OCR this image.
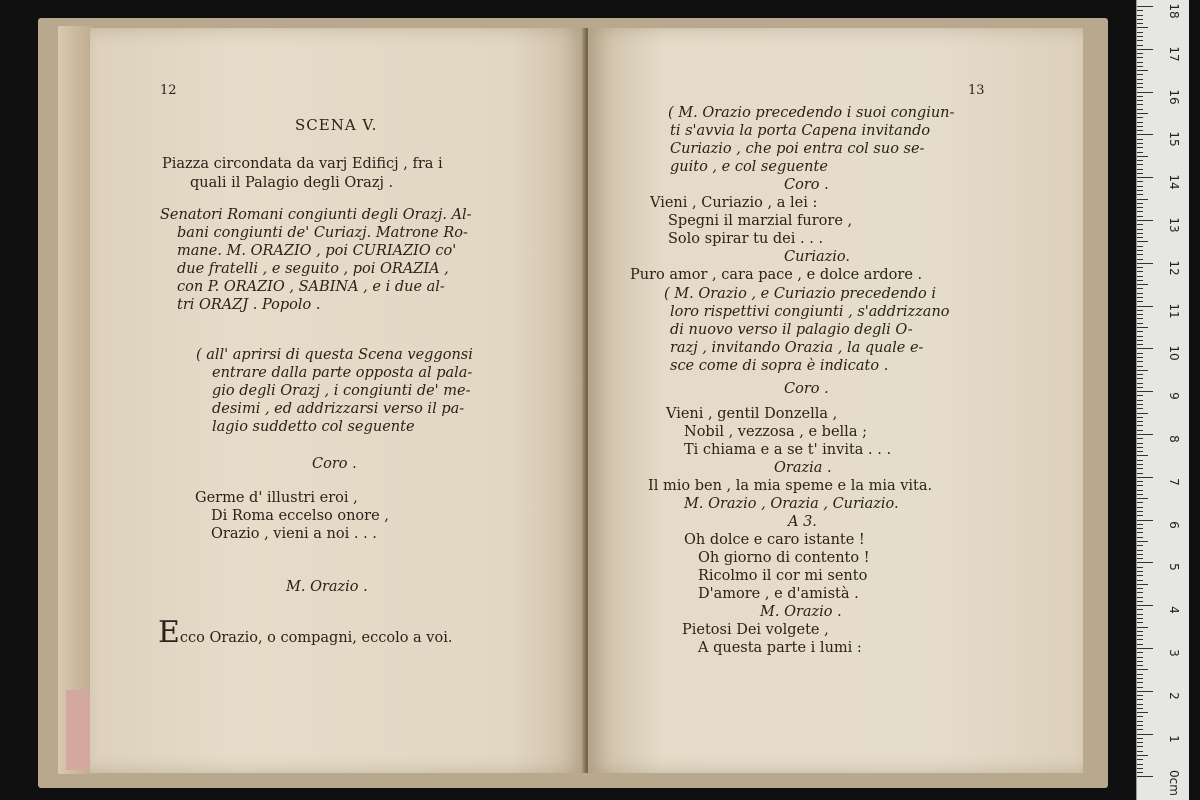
12
SCENA V.
Piazza circondata da varj Edificj , fra i
quali il Palagio degli Orazj .
Senatori Romani congiunti degli Orazj. Al-
bani congiunti de' Curiazj. Matrone Ro-
mane. M. ORAZIO , poi CURIAZIO co'
due fratelli , e seguito , poi ORAZIA ,
con P. ORAZIO , SABINA , e i due al-
tri ORAZJ . Popolo .
( all' aprirsi di questa Scena veggonsi
entrare dalla parte opposta al pala-
gio degli Orazj , i congiunti de' me-
desimi , ed addrizzarsi verso il pa-
lagio suddetto col seguente
Coro .
Germe d' illustri eroi ,
Di Roma eccelso onore ,
Orazio , vieni a noi . . .
M. Orazio .
Ecco Orazio, o compagni, eccolo a voi.
13
( M. Orazio precedendo i suoi congiun-
ti s'avvia la porta Capena invitando
Curiazio , che poi entra col suo se-
guito , e col seguente
Coro .
Vieni , Curiazio , a lei :
Spegni il marzial furore ,
Solo spirar tu dei . . .
Curiazio.
Puro amor , cara pace , e dolce ardore .
( M. Orazio , e Curiazio precedendo i
loro rispettivi congiunti , s'addrizzano
di nuovo verso il palagio degli O-
razj , invitando Orazia , la quale e-
sce come di sopra è indicato .
Coro .
Vieni , gentil Donzella ,
Nobil , vezzosa , e bella ;
Ti chiama e a se t' invita . . .
Orazia .
Il mio ben , la mia speme e la mia vita.
M. Orazio , Orazia , Curiazio.
A 3.
Oh dolce e caro istante !
Oh giorno di contento !
Ricolmo il cor mi sento
D'amore , e d'amistà .
M. Orazio .
Pietosi Dei volgete ,
A questa parte i lumi :
18
17
16
15
14
13
12
11
10
9
8
7
6
5
4
3
2
1
0cm
